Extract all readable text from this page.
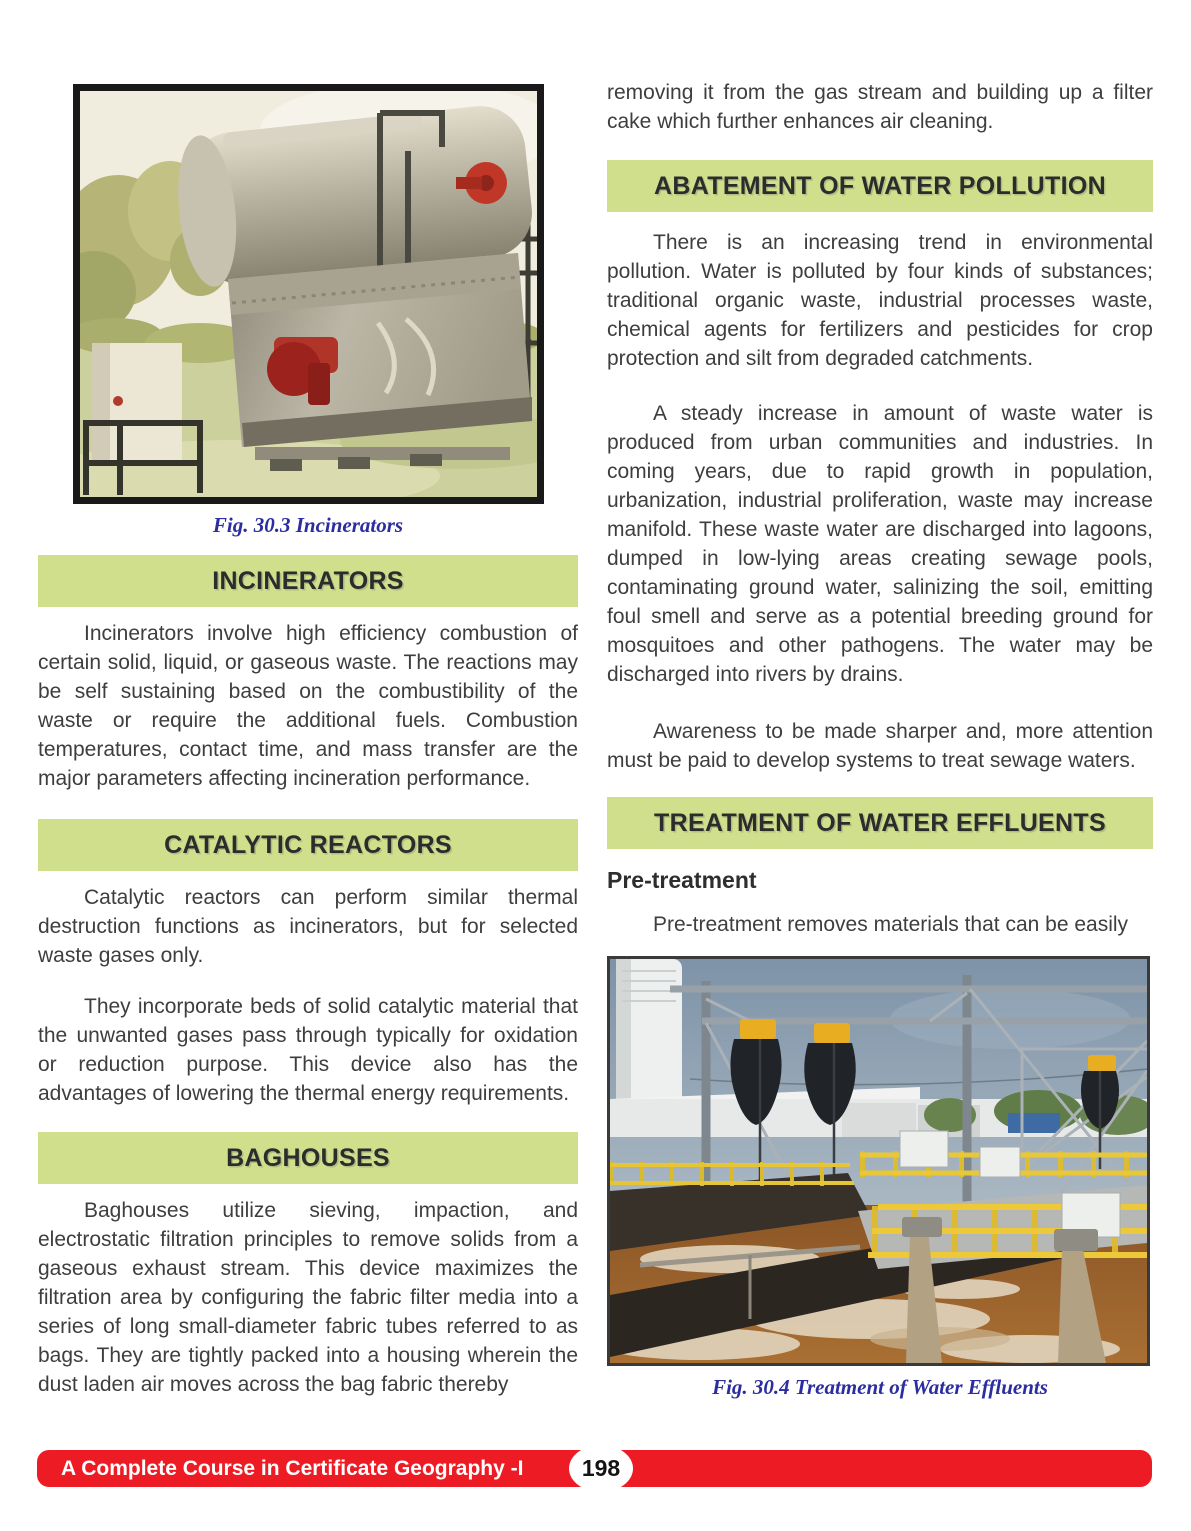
Fig. 30.3 Incinerators
INCINERATORS

Incinerators involve high efficiency combustion of certain solid, liquid, or gaseous waste. The reactions may be self sustaining based on the combustibility of the waste or require the additional fuels. Combustion temperatures, contact time, and mass transfer are the major parameters affecting incineration performance.

CATALYTIC REACTORS

Catalytic reactors can perform similar thermal destruction functions as incinerators, but for selected waste gases only.

They incorporate beds of solid catalytic material that the unwanted gases pass through typically for oxidation or reduction purpose. This device also has the advantages of lowering the thermal energy requirements.

BAGHOUSES

Baghouses utilize sieving, impaction, and electrostatic filtration principles to remove solids from a gaseous exhaust stream. This device maximizes the filtration area by configuring the fabric filter media into a series of long small-diameter fabric tubes referred to as bags. They are tightly packed into a housing wherein the dust laden air moves across the bag fabric thereby

removing it from the gas stream and building up a filter cake which further enhances air cleaning.

ABATEMENT OF WATER POLLUTION

There is an increasing trend in environmental pollution. Water is polluted by four kinds of substances; traditional organic waste, industrial processes waste, chemical agents for fertilizers and pesticides for crop protection and silt from degraded catchments.

A steady increase in amount of waste water is produced from urban communities and industries. In coming years, due to rapid growth in population, urbanization, industrial proliferation, waste may increase manifold. These waste water are discharged into lagoons, dumped in low-lying areas creating sewage pools, contaminating ground water, salinizing the soil, emitting foul smell and serve as a potential breeding ground for mosquitoes and other pathogens. The water may be discharged into rivers by drains.

Awareness to be made sharper and, more attention must be paid to develop systems to treat sewage waters.

TREATMENT OF WATER EFFLUENTS
Pre-treatment

Pre-treatment removes materials that can be easily

Fig. 30.4 Treatment of Water Effluents
A Complete Course in Certificate Geography -I	198
